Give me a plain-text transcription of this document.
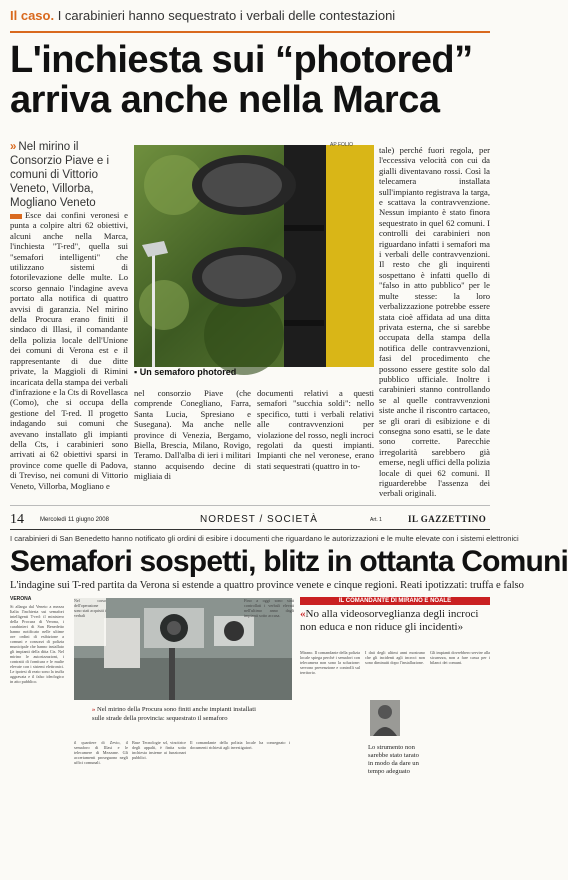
Il caso. I carabinieri hanno sequestrato i verbali delle contestazioni
L'inchiesta sui “photored”
arriva anche nella Marca
» Nel mirino il Consorzio Piave e i comuni di Vittorio Veneto, Villorba, Mogliano Veneto
Esce dai confini veronesi e punta a colpire altri 62 obiettivi, alcuni anche nella Marca, l'inchiesta "T-red", quella sui "semafori intelligenti" che utilizzano sistemi di fotorilevazione delle multe. Lo scorso gennaio l'indagine aveva portato alla notifica di quattro avvisi di garanzia. Nel mirino della Procura erano finiti il sindaco di Illasi, il comandante della polizia locale dell'Unione dei comuni di Verona est e il rappresentante di due ditte private, la Maggioli di Rimini incaricata della stampa dei verbali d'infrazione e la Cts di Rovellasca (Como), che si occupa della gestione del T-red. Il progetto indagando sui comuni che avevano installato gli impianti della Cts, i carabinieri sono arrivati ai 62 obiettivi sparsi in province come quelle di Padova, di Treviso, nei comuni di Vittorio Veneto, Villorba, Mogliano e
AP FOLIO
▪ Un semaforo photored
nel consorzio Piave (che comprende Conegliano, Farra, Santa Lucia, Spresiano e Susegana). Ma anche nelle province di Venezia, Bergamo, Biella, Brescia, Milano, Rovigo, Teramo. Dall'alba di ieri i militari stanno acquisendo decine di migliaia di
documenti relativi a questi semafori "succhia soldi": nello specifico, tutti i verbali relativi alle contravvenzioni per violazione del rosso, negli incroci regolati da questi impianti. Impianti che nel veronese, erano stati sequestrati (quattro in to-
tale) perché fuori regola, per l'eccessiva velocità con cui da gialli diventavano rossi. Così la telecamera installata sull'impianto registrava la targa, e scattava la contravvenzione. Nessun impianto è stato finora sequestrato in quel 62 comuni. I controlli dei carabinieri non riguardano infatti i semafori ma i verbali delle contravvenzioni. Il resto che gli inquirenti sospettano è infatti quello di "falso in atto pubblico" per le multe stesse: la loro verbalizzazione potrebbe essere stata cioè affidata ad una ditta privata esterna, che si sarebbe occupata della stampa della notifica delle contravvenzioni, fasi del procedimento che possono essere gestite solo dal pubblico ufficiale. Inoltre i carabinieri stanno controllando se al quelle contravvenzioni siste anche il riscontro cartaceo, se gli orari di esibizione e di consegna sono esatti, se le date sono corrette. Parecchie irregolarità sarebbero già emerse, negli uffici della polizia locale di quei 62 comuni. Il riguarderebbe l'assenza dei verbali originali.
14	Mercoledì 11 giugno 2008	NORDEST / SOCIETÀ	Art. 1	IL GAZZETTINO
I carabinieri di San Benedetto hanno notificato gli ordini di esibire i documenti che riguardano le autorizzazioni e le multe elevate con i sistemi elettronici
Semafori sospetti, blitz in ottanta Comuni
L'indagine sui T-red partita da Verona si estende a quattro province venete e cinque regioni. Reati ipotizzati: truffa e falso
VERONA
Si allarga dal Veneto a mezza Italia l'inchiesta sui semafori intelligenti T-red: il ministero della Procura di Verona, i carabinieri di San Benedetto hanno notificato nelle ultime ore ordini di esibizione a comuni e consorzi di polizia municipale che hanno installato gli impianti della ditta Cts. Nel mirino le autorizzazioni, i contratti di fornitura e le multe elevate con i sistemi elettronici. Le ipotesi di reato sono la truffa aggravata e il falso ideologico in atto pubblico.
Nel corso dell'operazione sono stati acquisiti i verbali
Fino a oggi sono stati controllati i verbali elevati nell'ultimo anno dagli impianti sotto accusa.
» Nel mirino della Procura sono finiti anche impianti installati sulle strade della provincia: sequestrato il semaforo
il quartiere di Zevio, il semaforo di Illasi e le telecamere di Mezzane. Gli accertamenti proseguono negli uffici comunali.
Base Tecnologie srl, vincitrice degli appalti, è finita sotto inchiesta insieme ai funzionari pubblici.
Il comandante della polizia locale ha consegnato i documenti richiesti agli investigatori.
IL COMANDANTE DI MIRANO E NOALE
«No alla videosorveglianza degli incroci non educa e non riduce gli incidenti»
Mirano. Il comandante della polizia locale spiega perché i semafori con telecamera non sono la soluzione: servono prevenzione e controlli sul territorio.
I dati degli ultimi anni mostrano che gli incidenti agli incroci non sono diminuiti dopo l'installazione.
Lo strumento non sarebbe stato tarato in modo da dare un tempo adeguato
Gli impianti dovrebbero servire alla sicurezza, non a fare cassa per i bilanci dei comuni.
